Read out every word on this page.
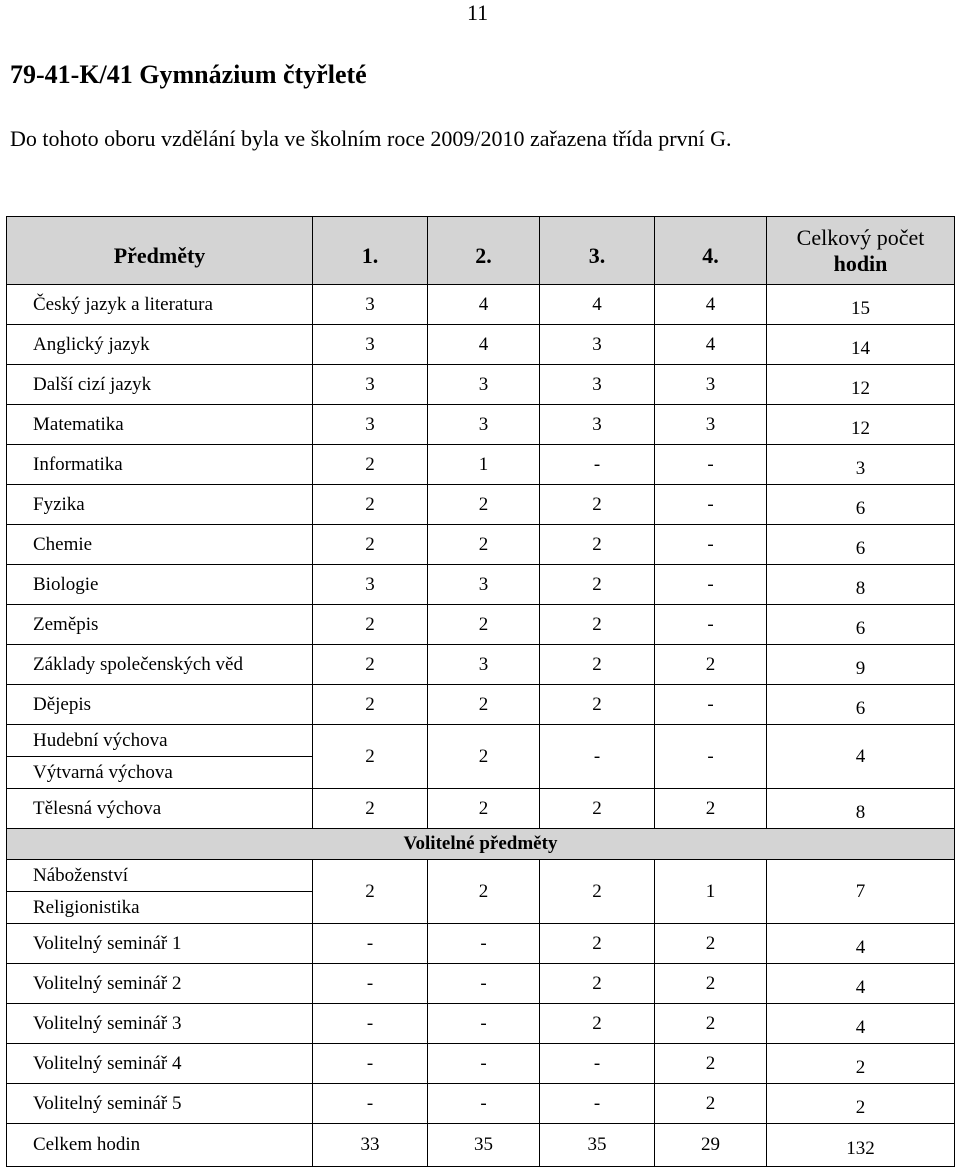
11
79-41-K/41 Gymnázium čtyřleté
Do tohoto oboru vzdělání byla ve školním roce 2009/2010 zařazena třída první G.
Předměty	1.	2.	3.	4.	Celkový počet
hodin

Český jazyk a literatura	3	4	4	4	15
Anglický jazyk	3	4	3	4	14
Další cizí jazyk	3	3	3	3	12
Matematika	3	3	3	3	12
Informatika	2	1	-	-	3
Fyzika	2	2	2	-	6
Chemie	2	2	2	-	6
Biologie	3	3	2	-	8
Zeměpis	2	2	2	-	6
Základy společenských věd	2	3	2	2	9
Dějepis	2	2	2	-	6
Hudební výchova	2	2	-	-	4
Výtvarná výchova					
Tělesná výchova	2	2	2	2	8
Volitelné předměty					
Náboženství	2	2	2	1	7
Religionistika					
Volitelný seminář 1	-	-	2	2	4
Volitelný seminář 2	-	-	2	2	4
Volitelný seminář 3	-	-	2	2	4
Volitelný seminář 4	-	-	-	2	2
Volitelný seminář 5	-	-	-	2	2
Celkem hodin	33	35	35	29	132
